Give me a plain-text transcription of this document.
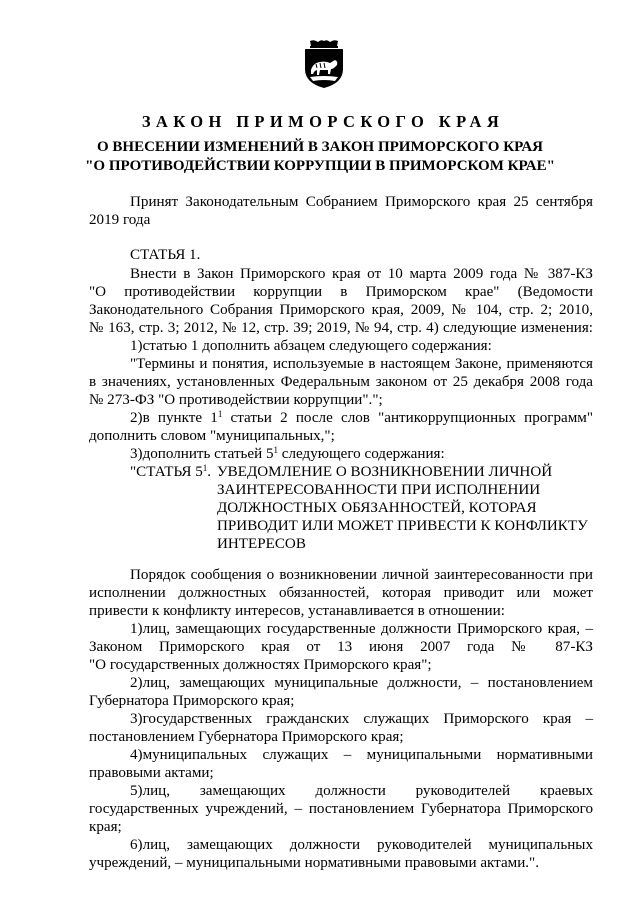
ЗАКОН ПРИМОРСКОГО КРАЯ
О ВНЕСЕНИИ ИЗМЕНЕНИЙ В ЗАКОН ПРИМОРСКОГО КРАЯ
"О ПРОТИВОДЕЙСТВИИ КОРРУПЦИИ В ПРИМОРСКОМ КРАЕ"
Принят Законодательным Собранием Приморского края 25 сентября
2019 года
СТАТЬЯ 1.
Внести в Закон Приморского края от 10 марта 2009 года № 387-КЗ
"О противодействии коррупции в Приморском крае" (Ведомости
Законодательного Собрания Приморского края, 2009, № 104, стр. 2; 2010,
№ 163, стр. 3; 2012, № 12, стр. 39; 2019, № 94, стр. 4) следующие изменения:
1)статью 1 дополнить абзацем следующего содержания:
"Термины и понятия, используемые в настоящем Законе, применяются
в значениях, установленных Федеральным законом от 25 декабря 2008 года
№ 273-ФЗ "О противодействии коррупции".";
2)в пункте $1^1$ статьи 2 после слов "антикоррупционных программ"
дополнить словом "муниципальных,";
3)дополнить статьей $5^1$ следующего содержания:
"СТАТЬЯ $5^1$. УВЕДОМЛЕНИЕ О ВОЗНИКНОВЕНИИ ЛИЧНОЙ
ЗАИНТЕРЕСОВАННОСТИ ПРИ ИСПОЛНЕНИИ
ДОЛЖНОСТНЫХ ОБЯЗАННОСТЕЙ, КОТОРАЯ
ПРИВОДИТ ИЛИ МОЖЕТ ПРИВЕСТИ К КОНФЛИКТУ
ИНТЕРЕСОВ
Порядок сообщения о возникновении личной заинтересованности при
исполнении должностных обязанностей, которая приводит или может
привести к конфликту интересов, устанавливается в отношении:
1)лиц, замещающих государственные должности Приморского края, –
Законом Приморского края от 13 июня 2007 года № 87-КЗ
"О государственных должностях Приморского края";
2)лиц, замещающих муниципальные должности, – постановлением
Губернатора Приморского края;
3)государственных гражданских служащих Приморского края –
постановлением Губернатора Приморского края;
4)муниципальных служащих – муниципальными нормативными
правовыми актами;
5)лиц, замещающих должности руководителей краевых
государственных учреждений, – постановлением Губернатора Приморского
края;
6)лиц, замещающих должности руководителей муниципальных
учреждений, – муниципальными нормативными правовыми актами.".
